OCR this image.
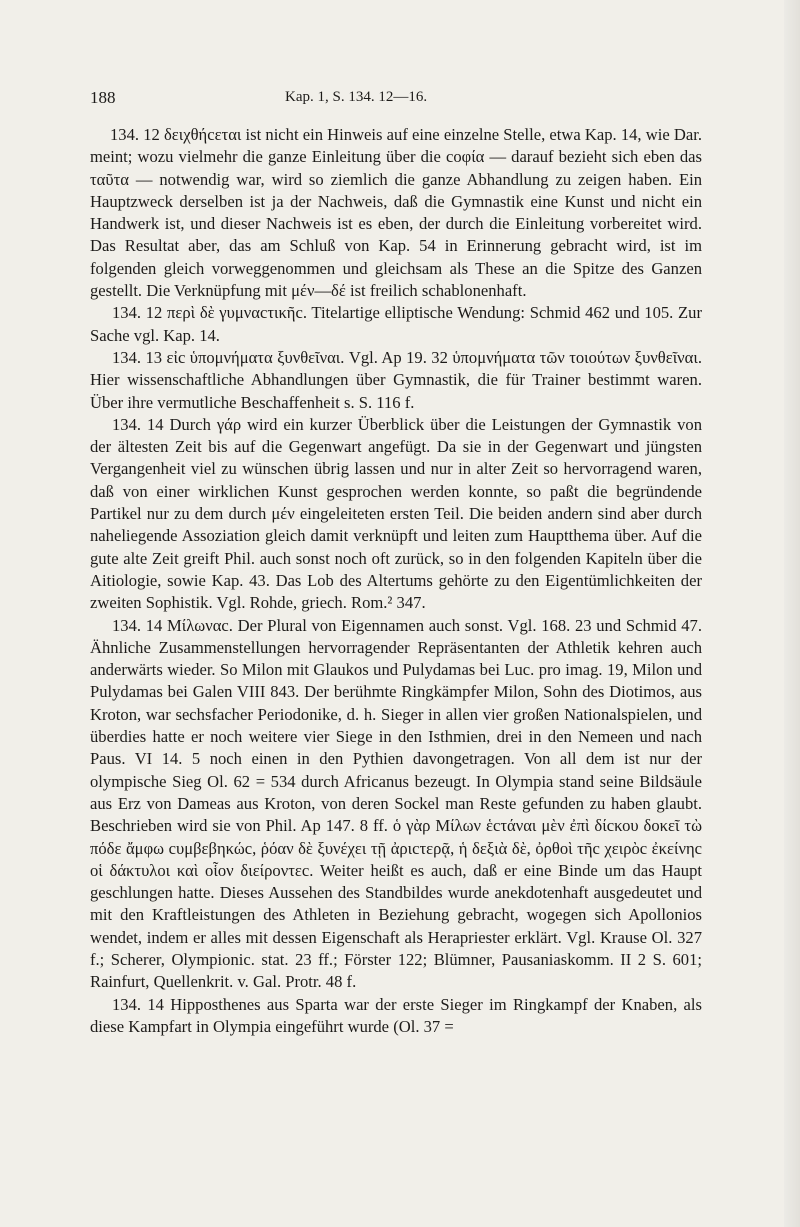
188	Kap. 1, S. 134. 12—16.

134. 12 δειχθήcεται ist nicht ein Hinweis auf eine einzelne Stelle, etwa Kap. 14, wie Dar. meint; wozu vielmehr die ganze Einleitung über die coφία — darauf bezieht sich eben das ταῦτα — notwendig war, wird so ziemlich die ganze Abhandlung zu zeigen haben. Ein Hauptzweck derselben ist ja der Nachweis, daß die Gymnastik eine Kunst und nicht ein Handwerk ist, und dieser Nachweis ist es eben, der durch die Einleitung vorbereitet wird. Das Resultat aber, das am Schluß von Kap. 54 in Erinnerung gebracht wird, ist im folgenden gleich vorweggenommen und gleichsam als These an die Spitze des Ganzen gestellt. Die Verknüpfung mit μέν—δέ ist freilich schablonenhaft.

134. 12 περὶ δὲ γυμναcτικῆc. Titelartige elliptische Wendung: Schmid 462 und 105. Zur Sache vgl. Kap. 14.

134. 13 εἰc ὑπομνήματα ξυνθεῖναι. Vgl. Ap 19. 32 ὑπομνήματα τῶν τοιούτων ξυνθεῖναι. Hier wissenschaftliche Abhandlungen über Gymnastik, die für Trainer bestimmt waren. Über ihre vermutliche Beschaffenheit s. S. 116 f.

134. 14 Durch γάρ wird ein kurzer Überblick über die Leistungen der Gymnastik von der ältesten Zeit bis auf die Gegenwart angefügt. Da sie in der Gegenwart und jüngsten Vergangenheit viel zu wünschen übrig lassen und nur in alter Zeit so hervorragend waren, daß von einer wirklichen Kunst gesprochen werden konnte, so paßt die begründende Partikel nur zu dem durch μέν eingeleiteten ersten Teil. Die beiden andern sind aber durch naheliegende Assoziation gleich damit verknüpft und leiten zum Hauptthema über. Auf die gute alte Zeit greift Phil. auch sonst noch oft zurück, so in den folgenden Kapiteln über die Aitiologie, sowie Kap. 43. Das Lob des Altertums gehörte zu den Eigentümlichkeiten der zweiten Sophistik. Vgl. Rohde, griech. Rom.² 347.

134. 14 Μίλωναc. Der Plural von Eigennamen auch sonst. Vgl. 168. 23 und Schmid 47. Ähnliche Zusammenstellungen hervorragender Repräsentanten der Athletik kehren auch anderwärts wieder. So Milon mit Glaukos und Pulydamas bei Luc. pro imag. 19, Milon und Pulydamas bei Galen VIII 843. Der berühmte Ringkämpfer Milon, Sohn des Diotimos, aus Kroton, war sechsfacher Periodonike, d. h. Sieger in allen vier großen Nationalspielen, und überdies hatte er noch weitere vier Siege in den Isthmien, drei in den Nemeen und nach Paus. VI 14. 5 noch einen in den Pythien davongetragen. Von all dem ist nur der olympische Sieg Ol. 62 = 534 durch Africanus bezeugt. In Olympia stand seine Bildsäule aus Erz von Dameas aus Kroton, von deren Sockel man Reste gefunden zu haben glaubt. Beschrieben wird sie von Phil. Ap 147. 8 ff. ὁ γὰρ Μίλων ἑcτάναι μὲν ἐπὶ δίcκου δοκεῖ τὼ πόδε ἄμφω cυμβεβηκώc, ῥόαν δὲ ξυνέχει τῇ ἀριcτερᾷ, ἡ δεξιὰ δὲ, ὀρθοὶ τῆc χειρὸc ἐκείνηc οἱ δάκτυλοι καὶ οἷον διείροντεc. Weiter heißt es auch, daß er eine Binde um das Haupt geschlungen hatte. Dieses Aussehen des Standbildes wurde anekdotenhaft ausgedeutet und mit den Kraftleistungen des Athleten in Beziehung gebracht, wogegen sich Apollonios wendet, indem er alles mit dessen Eigenschaft als Herapriester erklärt. Vgl. Krause Ol. 327 f.; Scherer, Olympionic. stat. 23 ff.; Förster 122; Blümner, Pausaniaskomm. II 2 S. 601; Rainfurt, Quellenkrit. v. Gal. Protr. 48 f.

134. 14 Hipposthenes aus Sparta war der erste Sieger im Ringkampf der Knaben, als diese Kampfart in Olympia eingeführt wurde (Ol. 37 =
